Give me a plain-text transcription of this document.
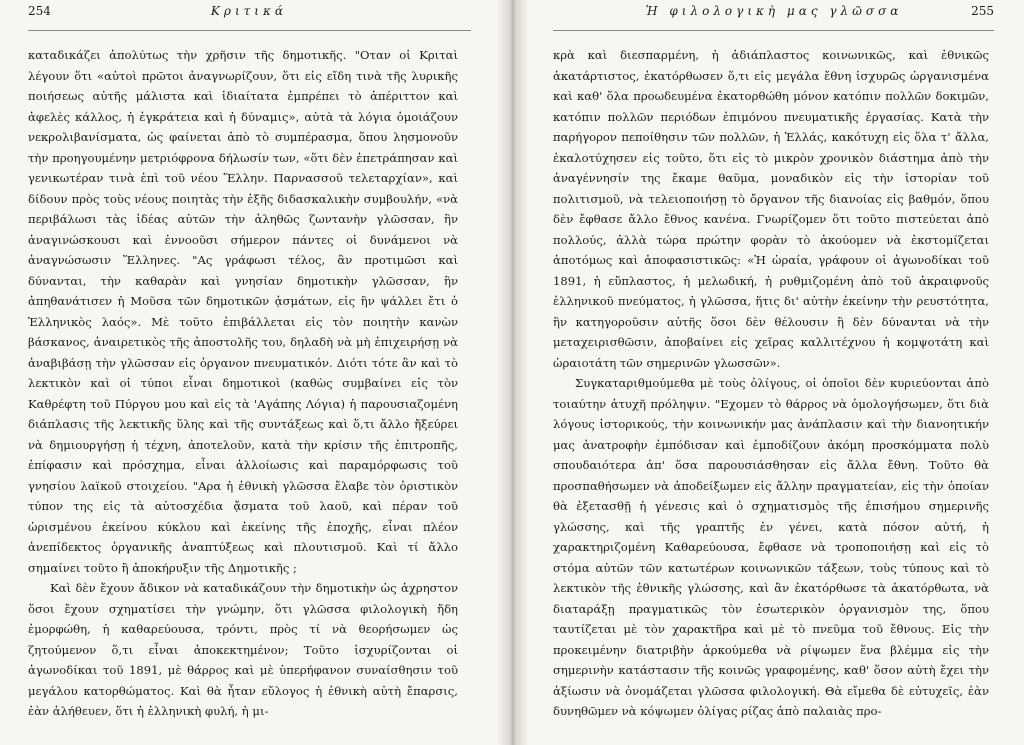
254	Κριτικά

καταδικάζει ἀπολύτως τὴν χρῆσιν τῆς δημοτικῆς. "Οταν οἱ Κριταὶ λέγουν ὅτι «αὐτοὶ πρῶτοι ἀναγνωρίζουν, ὅτι εἰς εἴδη τινὰ τῆς λυρικῆς ποιήσεως αὐτῆς μάλιστα καὶ ἰδιαίτατα ἐμπρέπει τὸ ἀπέριττον καὶ ἀφελὲς κάλλος, ἡ ἐγκράτεια καὶ ἡ δύναμις», αὐτὰ τὰ λόγια ὁμοιάζουν νεκρολιβανίσματα, ὡς φαίνεται ἀπὸ τὸ συμπέρασμα, ὅπου λησμονοῦν τὴν προηγουμένην μετριόφρονα δήλωσίν των, «ὅτι δὲν ἐπετράπησαν καὶ γενικωτέραν τινὰ ἐπὶ τοῦ νέου Ἕλλην. Παρνασσοῦ τελεταρχίαν», καὶ δίδουν πρὸς τοὺς νέους ποιητὰς τὴν ἑξῆς διδασκαλικὴν συμβουλήν, «νὰ περιβάλωσι τὰς ἰδέας αὐτῶν τὴν ἀληθῶς ζωντανὴν γλῶσσαν, ἣν ἀναγινώσκουσι καὶ ἐννοοῦσι σήμερον πάντες οἱ δυνάμενοι νὰ ἀναγνώσωσιν Ἕλληνες. "Ας γράφωσι τέλος, ἂν προτιμῶσι καὶ δύνανται, τὴν καθαρὰν καὶ γνησίαν δημοτικὴν γλῶσσαν, ἣν ἀπηθανάτισεν ἡ Μοῦσα τῶν δημοτικῶν ᾀσμάτων, εἰς ἣν ψάλλει ἔτι ὁ Ἑλληνικὸς λαός». Μὲ τοῦτο ἐπιβάλλεται εἰς τὸν ποιητὴν κανὼν βάσκανος, ἀναιρετικὸς τῆς ἀποστολῆς του, δηλαδὴ νὰ μὴ ἐπιχειρήσῃ νὰ ἀναβιβάσῃ τὴν γλῶσσαν εἰς ὀργανον πνευματικόν. Διότι τότε ἂν καὶ τὸ λεκτικὸν καὶ οἱ τύποι εἶναι δημοτικοὶ (καθὼς συμβαίνει εἰς τὸν Καθρέφτη τοῦ Πύργου μου καὶ εἰς τὰ 'Αγάπης Λόγια) ἡ παρουσιαζομένη διάπλασις τῆς λεκτικῆς ὕλης καὶ τῆς συντάξεως καὶ ὅ,τι ἄλλο ἤξεύρει νὰ δημιουργήσῃ ἡ τέχνη, ἀποτελοῦν, κατὰ τὴν κρίσιν τῆς ἐπιτροπῆς, ἐπίφασιν καὶ πρόσχημα, εἶναι ἀλλοίωσις καὶ παραμόρφωσις τοῦ γνησίου λαϊκοῦ στοιχείου. "Αρα ἡ ἐθνικὴ γλῶσσα ἔλαβε τὸν ὁριστικὸν τύπον της εἰς τὰ αὐτοσχέδια ᾄσματα τοῦ λαοῦ, καὶ πέραν τοῦ ὡρισμένου ἐκείνου κύκλου καὶ ἐκείνης τῆς ἐποχῆς, εἶναι πλέον ἀνεπίδεκτος ὀργανικῆς ἀναπτύξεως καὶ πλουτισμοῦ. Καὶ τί ἄλλο σημαίνει τοῦτο ἢ ἀποκήρυξιν τῆς Δημοτικῆς ;

Καὶ δὲν ἔχουν ἄδικον νὰ καταδικάζουν τὴν δημοτικὴν ὡς ἀχρηστον ὅσοι ἔχουν σχηματίσει τὴν γνώμην, ὅτι γλῶσσα φιλολογικὴ ἤδη ἐμορφώθη, ἡ καθαρεύουσα, τρόντι, πρὸς τί νὰ θεορήσωμεν ὡς ζητούμενον ὅ,τι εἶναι ἀποκεκτημένον; Τοῦτο ἰσχυρίζονται οἱ ἀγωνοδίκαι τοῦ 1891, μὲ θάρρος καὶ μὲ ὑπερήφανον συναίσθησιν τοῦ μεγάλου κατορθώματος. Καὶ θὰ ἦταν εὔλογος ἡ ἐθνικὴ αὐτὴ ἔπαρσις, ἐὰν ἀλήθευεν, ὅτι ἡ ἑλληνικὴ φυλή, ἡ μι-

Ἡ φιλολογικὴ μας γλῶσσα	255

κρὰ καὶ διεσπαρμένη, ἡ ἀδιάπλαστος κοινωνικῶς, καὶ ἐθνικῶς ἀκατάρτιστος, ἐκατόρθωσεν ὅ,τι εἰς μεγάλα ἔθνη ἰσχυρῶς ὠργανισμένα καὶ καθ' ὅλα προωδευμένα ἐκατορθώθη μόνον κατόπιν πολλῶν δοκιμῶν, κατόπιν πολλῶν περιόδων ἐπιμόνου πνευματικῆς ἐργασίας. Κατὰ τὴν παρήγορον πεποίθησιν τῶν πολλῶν, ἡ Ἑλλάς, κακότυχη εἰς ὅλα τ' ἄλλα, ἐκαλοτύχησεν εἰς τοῦτο, ὅτι εἰς τὸ μικρὸν χρονικὸν διάστημα ἀπὸ τὴν ἀναγέννησίν της ἔκαμε θαῦμα, μοναδικὸν εἰς τὴν ἱστορίαν τοῦ πολιτισμοῦ, νὰ τελειοποιήσῃ τὸ ὄργανον τῆς διανοίας εἰς βαθμόν, ὅπου δὲν ἔφθασε ἄλλο ἔθνος κανένα. Γνωρίζομεν ὅτι τοῦτο πιστεύεται ἀπὸ πολλούς, ἀλλὰ τώρα πρώτην φορὰν τὸ ἀκούομεν νὰ ἐκστομίζεται ἀποτόμως καὶ ἀποφασιστικῶς: «Ἡ ὡραία, γράφουν οἱ ἀγωνοδίκαι τοῦ 1891, ἡ εὔπλαστος, ἡ μελωδική, ἡ ρυθμιζομένη ἀπὸ τοῦ ἀκραιφνοῦς ἑλληνικοῦ πνεύματος, ἡ γλῶσσα, ἥτις δι' αὐτὴν ἐκείνην τὴν ρευστότητα, ἣν κατηγοροῦσιν αὐτῆς ὅσοι δὲν θέλουσιν ἢ δὲν δύνανται νὰ τὴν μεταχειρισθῶσιν, ἀποβαίνει εἰς χεῖρας καλλιτέχνου ἡ κομψοτάτη καὶ ὡραιοτάτη τῶν σημερινῶν γλωσσῶν».

Συγκαταριθμούμεθα μὲ τοὺς ὀλίγους, οἱ ὁποῖοι δὲν κυριεύονται ἀπὸ τοιαύτην ἀτυχῆ πρόληψιν. "Εχομεν τὸ θάρρος νὰ ὁμολογήσωμεν, ὅτι διὰ λόγους ἱστορικούς, τὴν κοινωνικήν μας ἀνάπλασιν καὶ τὴν διανοητικήν μας ἀνατροφὴν ἐμπόδισαν καὶ ἐμποδίζουν ἀκόμη προσκόμματα πολὺ σπουδαιότερα ἀπ' ὅσα παρουσιάσθησαν εἰς ἄλλα ἔθνη. Τοῦτο θὰ προσπαθήσωμεν νὰ ἀποδείξωμεν εἰς ἄλλην πραγματείαν, εἰς τὴν ὁποίαν θὰ ἐξετασθῇ ἡ γένεσις καὶ ὁ σχηματισμὸς τῆς ἐπισήμου σημερινῆς γλώσσης, καὶ τῆς γραπτῆς ἐν γένει, κατὰ πόσον αὐτή, ἡ χαρακτηριζομένη Καθαρεύουσα, ἔφθασε νὰ τροποποιήσῃ καὶ εἰς τὸ στόμα αὐτῶν τῶν κατωτέρων κοινωνικῶν τάξεων, τοὺς τύπους καὶ τὸ λεκτικὸν τῆς ἐθνικῆς γλώσσης, καὶ ἂν ἐκατόρθωσε τὰ ἀκατόρθωτα, νὰ διαταράξῃ πραγματικῶς τὸν ἐσωτερικὸν ὀργανισμὸν της, ὅπου ταυτίζεται μὲ τὸν χαρακτῆρα καὶ μὲ τὸ πνεῦμα τοῦ ἔθνους. Εἰς τὴν προκειμένην διατριβὴν ἀρκούμεθα νὰ ρίψωμεν ἕνα βλέμμα εἰς τὴν σημερινὴν κατάστασιν τῆς κοινῶς γραφομένης, καθ' ὅσον αὐτὴ ἔχει τὴν ἀξίωσιν νὰ ὀνομάζεται γλῶσσα φιλολογική. Θὰ εἴμεθα δὲ εὐτυχεῖς, ἐὰν δυνηθῶμεν νὰ κόψωμεν ὀλίγας ρίζας ἀπὸ παλαιὰς προ-
